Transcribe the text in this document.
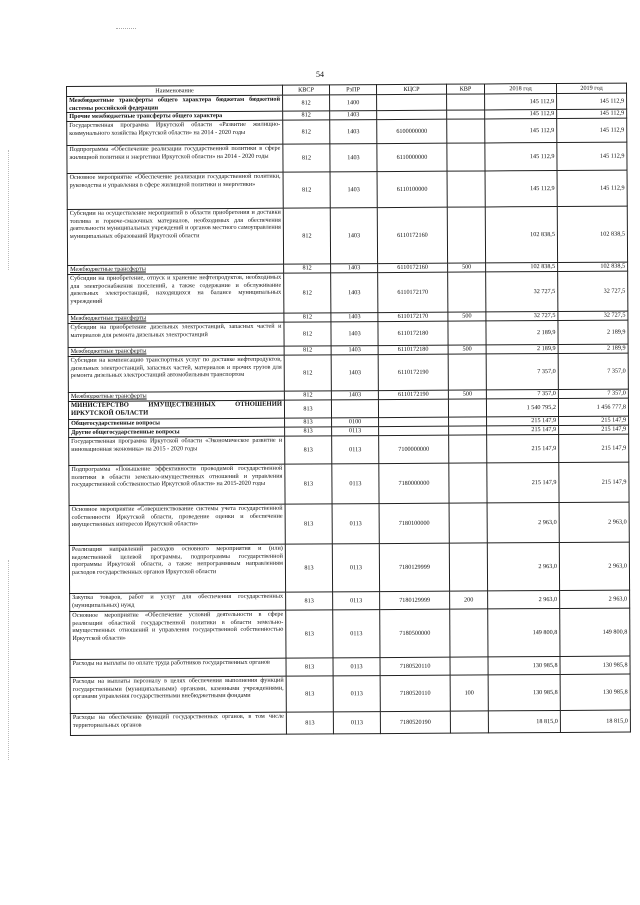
54
Наименование	КВСР	РзПР	КЦСР	КВР	2018 год	2019 год
Межбюджетные трансферты общего характера бюджетам бюджетной системы российской федерации	812	1400			145 112,9	145 112,9
Прочие межбюджетные трансферты общего характера	812	1403			145 112,9	145 112,9
Государственная программа Иркутской области «Развитие жилищно-коммунального хозяйства Иркутской области» на 2014 - 2020 годы	812	1403	6100000000		145 112,9	145 112,9
Подпрограмма «Обеспечение реализации государственной политики в сфере жилищной политики и энергетики Иркутской области» на 2014 - 2020 годы	812	1403	6110000000		145 112,9	145 112,9
Основное мероприятие «Обеспечение реализации государственной политики, руководства и управления в сфере жилищной политики и энергетики»	812	1403	6110100000		145 112,9	145 112,9
Субсидии на осуществление мероприятий в области приобретения и доставки топлива и горюче-смазочных материалов, необходимых для обеспечения деятельности муниципальных учреждений и органов местного самоуправления муниципальных образований Иркутской области	812	1403	6110172160		102 838,5	102 838,5
Межбюджетные трансферты	812	1403	6110172160	500	102 838,5	102 838,5
Субсидии на приобретение, отпуск и хранение нефтепродуктов, необходимых для электроснабжения поселений, а также содержание и обслуживание дизельных электростанций, находящихся на балансе муниципальных учреждений	812	1403	6110172170		32 727,5	32 727,5
Межбюджетные трансферты	812	1403	6110172170	500	32 727,5	32 727,5
Субсидии на приобретение дизельных электростанций, запасных частей и материалов для ремонта дизельных электростанций	812	1403	6110172180		2 189,9	2 189,9
Межбюджетные трансферты	812	1403	6110172180	500	2 189,9	2 189,9
Субсидии на компенсацию транспортных услуг по доставке нефтепродуктов, дизельных электростанций, запасных частей, материалов и прочих грузов для ремонта дизельных электростанций автомобильным транспортом	812	1403	6110172190		7 357,0	7 357,0
Межбюджетные трансферты	812	1403	6110172190	500	7 357,0	7 357,0
МИНИСТЕРСТВО ИМУЩЕСТВЕННЫХ ОТНОШЕНИЙ ИРКУТСКОЙ ОБЛАСТИ	813				1 540 795,2	1 456 777,8
Общегосударственные вопросы	813	0100			215 147,9	215 147,9
Другие общегосударственные вопросы	813	0113			215 147,9	215 147,9
Государственная программа Иркутской области «Экономическое развитие и инновационная экономика» на 2015 - 2020 годы	813	0113	7100000000		215 147,9	215 147,9
Подпрограмма «Повышение эффективности проводимой государственной политики в области земельно-имущественных отношений и управления государственной собственностью Иркутской области» на 2015-2020 годы	813	0113	7180000000		215 147,9	215 147,9
Основное мероприятие «Совершенствование системы учета государственной собственности Иркутской области, проведение оценки и обеспечение имущественных интересов Иркутской области»	813	0113	7180100000		2 963,0	2 963,0
Реализация направлений расходов основного мероприятия и (или) ведомственной целевой программы, подпрограммы государственной программы Иркутской области, а также непрограммным направлениям расходов государственных органов Иркутской области	813	0113	7180129999		2 963,0	2 963,0
Закупка товаров, работ и услуг для обеспечения государственных (муниципальных) нужд	813	0113	7180129999	200	2 963,0	2 963,0
Основное мероприятие «Обеспечение условий деятельности в сфере реализации областной государственной политики в области земельно-имущественных отношений и управления государственной собственностью Иркутской области»	813	0113	7180500000		149 800,8	149 800,8
Расходы на выплаты по оплате труда работников государственных органов	813	0113	7180520110		130 985,8	130 985,8
Расходы на выплаты персоналу в целях обеспечения выполнения функций государственными (муниципальными) органами, казенными учреждениями, органами управления государственными внебюджетными фондами	813	0113	7180520110	100	130 985,8	130 985,8
Расходы на обеспечение функций государственных органов, в том числе территориальных органов	813	0113	7180520190		18 815,0	18 815,0
